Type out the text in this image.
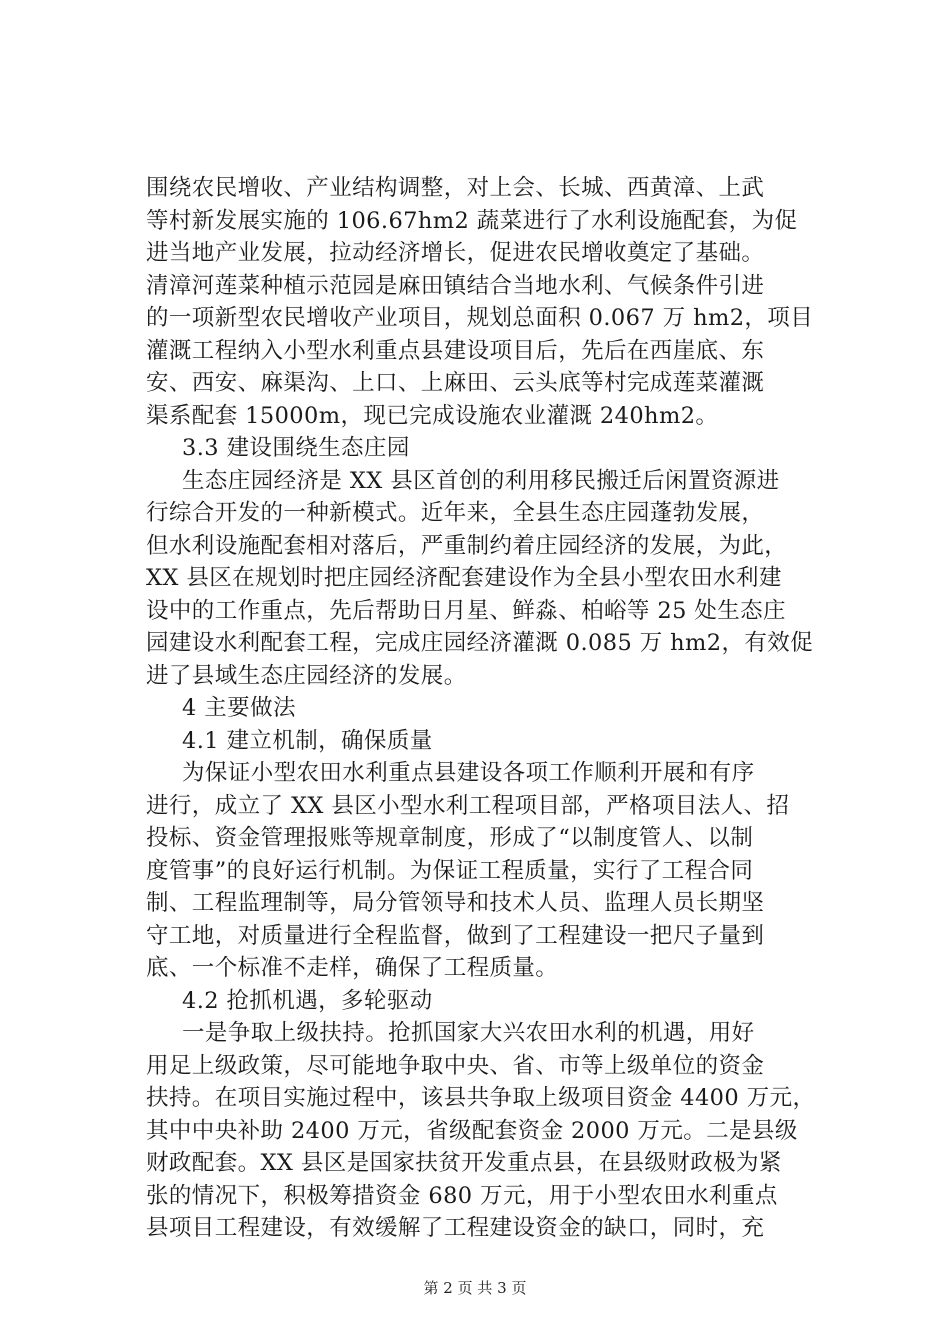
围绕农民增收、产业结构调整，对上会、长城、西黄漳、上武
等村新发展实施的 106.67hm2 蔬菜进行了水利设施配套，为促
进当地产业发展，拉动经济增长，促进农民增收奠定了基础。
清漳河莲菜种植示范园是麻田镇结合当地水利、气候条件引进
的一项新型农民增收产业项目，规划总面积 0.067 万 hm2，项目
灌溉工程纳入小型水利重点县建设项目后，先后在西崖底、东
安、西安、麻渠沟、上口、上麻田、云头底等村完成莲菜灌溉
渠系配套 15000m，现已完成设施农业灌溉 240hm2。
3.3 建设围绕生态庄园
生态庄园经济是 XX 县区首创的利用移民搬迁后闲置资源进
行综合开发的一种新模式。近年来，全县生态庄园蓬勃发展，
但水利设施配套相对落后，严重制约着庄园经济的发展，为此，
XX 县区在规划时把庄园经济配套建设作为全县小型农田水利建
设中的工作重点，先后帮助日月星、鲜淼、柏峪等 25 处生态庄
园建设水利配套工程，完成庄园经济灌溉 0.085 万 hm2，有效促
进了县域生态庄园经济的发展。
4 主要做法
4.1 建立机制，确保质量
为保证小型农田水利重点县建设各项工作顺利开展和有序
进行，成立了 XX 县区小型水利工程项目部，严格项目法人、招
投标、资金管理报账等规章制度，形成了“以制度管人、以制
度管事”的良好运行机制。为保证工程质量，实行了工程合同
制、工程监理制等，局分管领导和技术人员、监理人员长期坚
守工地，对质量进行全程监督，做到了工程建设一把尺子量到
底、一个标准不走样，确保了工程质量。
4.2 抢抓机遇，多轮驱动
一是争取上级扶持。抢抓国家大兴农田水利的机遇，用好
用足上级政策，尽可能地争取中央、省、市等上级单位的资金
扶持。在项目实施过程中，该县共争取上级项目资金 4400 万元，
其中中央补助 2400 万元，省级配套资金 2000 万元。二是县级
财政配套。XX 县区是国家扶贫开发重点县，在县级财政极为紧
张的情况下，积极筹措资金 680 万元，用于小型农田水利重点
县项目工程建设，有效缓解了工程建设资金的缺口，同时，充
第 2 页 共 3 页
